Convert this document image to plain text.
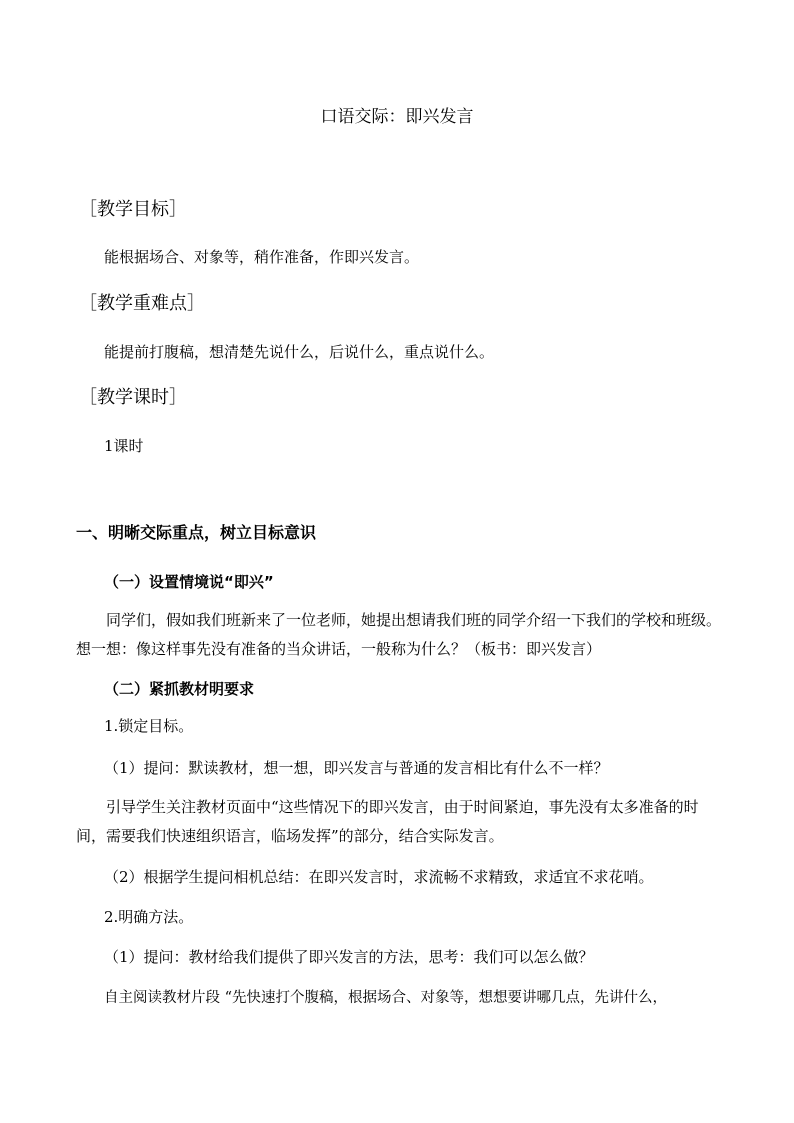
口语交际：即兴发言
［教学目标］
能根据场合、对象等，稍作准备，作即兴发言。
［教学重难点］
能提前打腹稿，想清楚先说什么，后说什么，重点说什么。
［教学课时］
1课时
一、明晰交际重点，树立目标意识
（一）设置情境说“即兴”
同学们，假如我们班新来了一位老师，她提出想请我们班的同学介绍一下我们的学校和班级。想一想：像这样事先没有准备的当众讲话，一般称为什么？（板书：即兴发言）
（二）紧抓教材明要求
1.锁定目标。
（1）提问：默读教材，想一想，即兴发言与普通的发言相比有什么不一样？
引导学生关注教材页面中“这些情况下的即兴发言，由于时间紧迫，事先没有太多准备的时间，需要我们快速组织语言，临场发挥”的部分，结合实际发言。
（2）根据学生提问相机总结：在即兴发言时，求流畅不求精致，求适宜不求花哨。
2.明确方法。
（1）提问：教材给我们提供了即兴发言的方法，思考：我们可以怎么做？
自主阅读教材片段 “先快速打个腹稿，根据场合、对象等，想想要讲哪几点，先讲什么，
